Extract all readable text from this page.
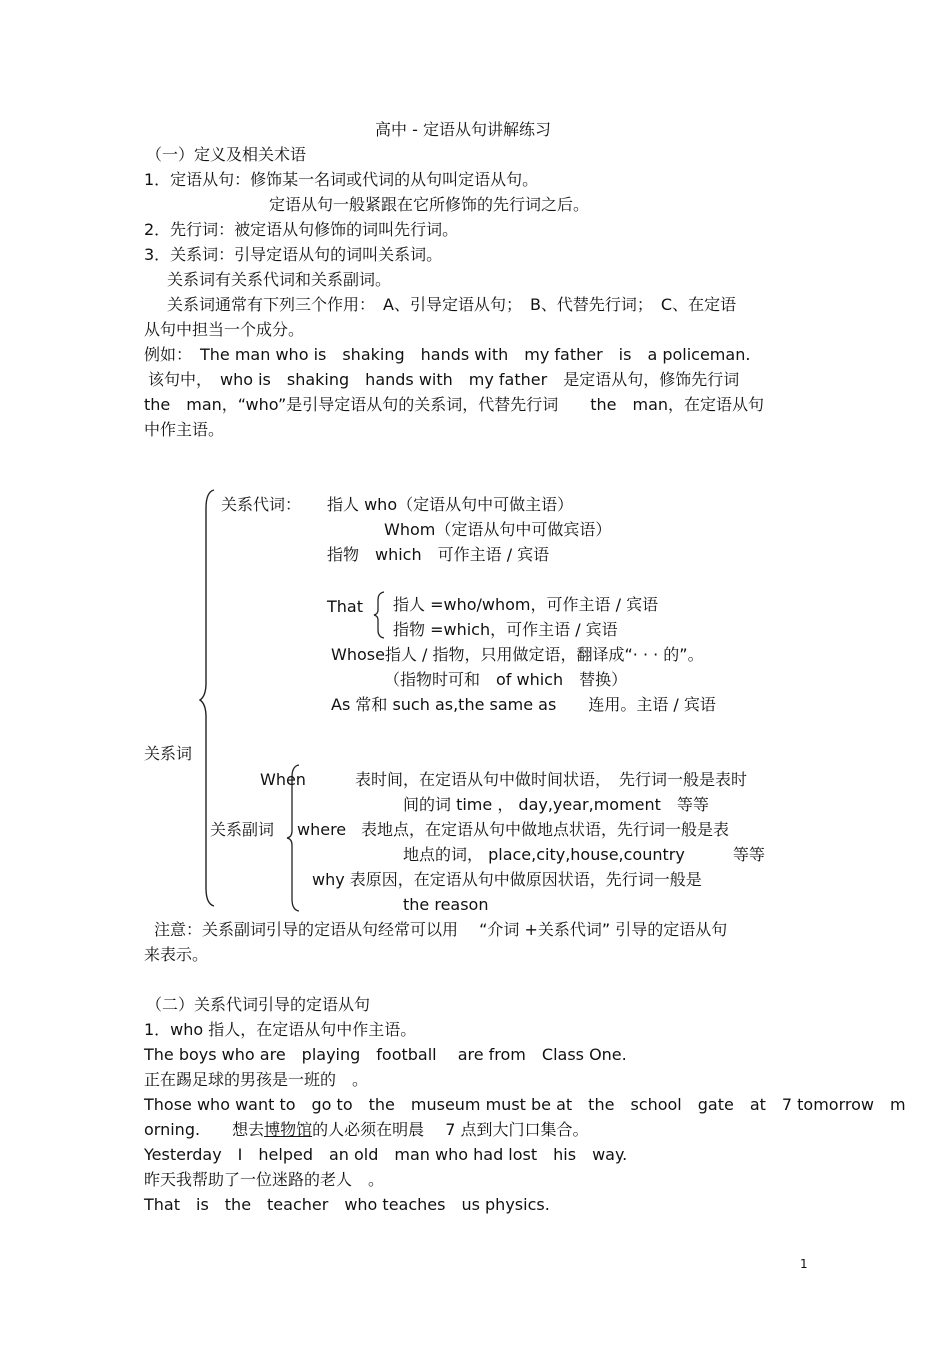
高中 - 定语从句讲解练习
（一）定义及相关术语
1．定语从句：修饰某一名词或代词的从句叫定语从句。
定语从句一般紧跟在它所修饰的先行词之后。
2．先行词：被定语从句修饰的词叫先行词。
3．关系词：引导定语从句的词叫关系词。
关系词有关系代词和关系副词。
关系词通常有下列三个作用：　A、引导定语从句；　B、代替先行词；　C、在定语
从句中担当一个成分。
例如：　The man who is　shaking　hands with　my father　is　a policeman.
该句中，　who is　shaking　hands with　my father　是定语从句，修饰先行词
the　man，“who”是引导定语从句的关系词，代替先行词　　the　man，在定语从句
中作主语。
关系代词： 指人 who（定语从句中可做主语）
Whom（定语从句中可做宾语）
指物　which　可作主语 / 宾语
That 指人 =who/whom，可作主语 / 宾语
指物 =which，可作主语 / 宾语
Whose指人 / 指物，只用做定语，翻译成“· · · 的”。
（指物时可和　of which　替换）
As 常和 such as,the same as　　连用。主语 / 宾语
关系词
When	表时间，在定语从句中做时间状语，　先行词一般是表时
间的词 time ， day,year,moment　等等
关系副词 where 表地点，在定语从句中做地点状语，先行词一般是表
地点的词， place,city,house,country　　　等等
why 表原因，在定语从句中做原因状语，先行词一般是
the reason
注意：关系副词引导的定语从句经常可以用　 “介词 +关系代词” 引导的定语从句
来表示。
（二）关系代词引导的定语从句
1．who 指人，在定语从句中作主语。
The boys who are　playing　football　 are from　Class One.
正在踢足球的男孩是一班的　。
Those who want to　go to　the　museum must be at　the　school　gate　at　7 tomorrow　m
orning.　　 想去博物馆的人必须在明晨　 7 点到大门口集合。
Yesterday　I　helped　an old　man who had lost　his　way.
昨天我帮助了一位迷路的老人　。
That　is　the　teacher　who teaches　us physics.
1
